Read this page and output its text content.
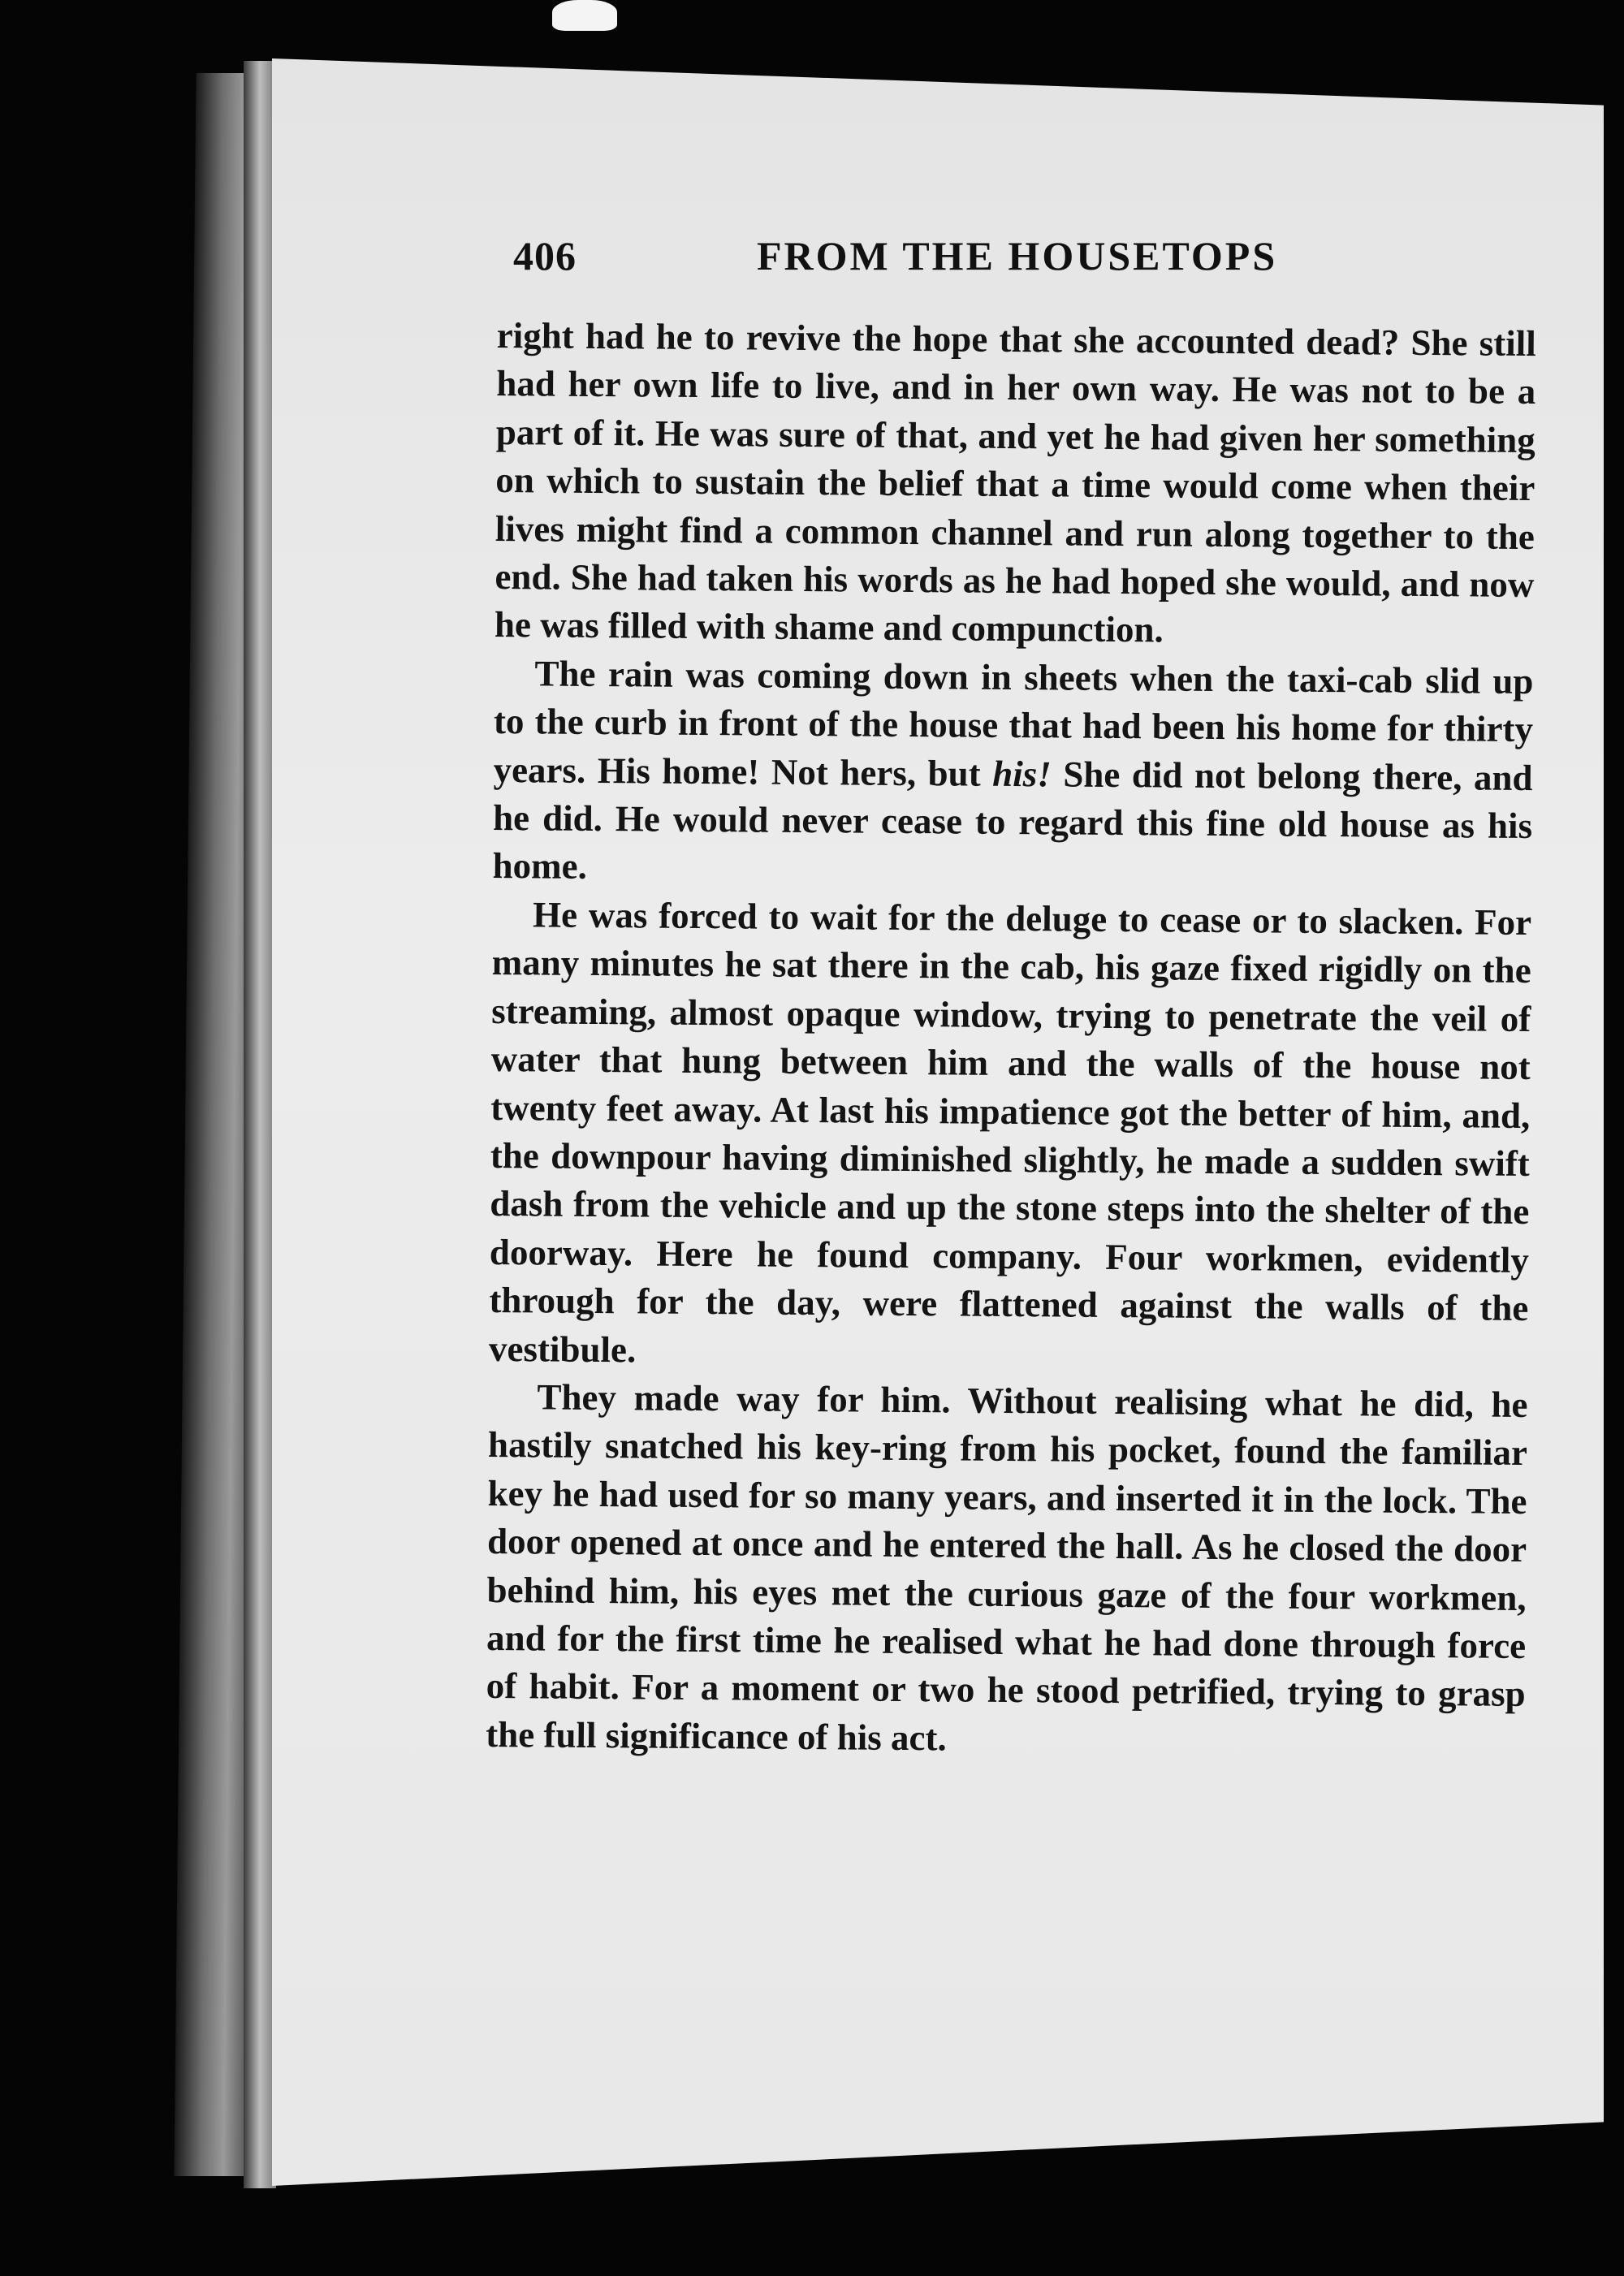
406	FROM THE HOUSETOPS

right had he to revive the hope that she accounted dead? She still had her own life to live, and in her own way. He was not to be a part of it. He was sure of that, and yet he had given her something on which to sustain the belief that a time would come when their lives might find a common channel and run along together to the end. She had taken his words as he had hoped she would, and now he was filled with shame and compunction.

The rain was coming down in sheets when the taxi-cab slid up to the curb in front of the house that had been his home for thirty years. His home! Not hers, but his! She did not belong there, and he did. He would never cease to regard this fine old house as his home.

He was forced to wait for the deluge to cease or to slacken. For many minutes he sat there in the cab, his gaze fixed rigidly on the streaming, almost opaque window, trying to penetrate the veil of water that hung between him and the walls of the house not twenty feet away. At last his impatience got the better of him, and, the downpour having diminished slightly, he made a sudden swift dash from the vehicle and up the stone steps into the shelter of the doorway. Here he found company. Four workmen, evidently through for the day, were flattened against the walls of the vestibule.

They made way for him. Without realising what he did, he hastily snatched his key-ring from his pocket, found the familiar key he had used for so many years, and inserted it in the lock. The door opened at once and he entered the hall. As he closed the door behind him, his eyes met the curious gaze of the four workmen, and for the first time he realised what he had done through force of habit. For a moment or two he stood petrified, trying to grasp the full significance of his act.
